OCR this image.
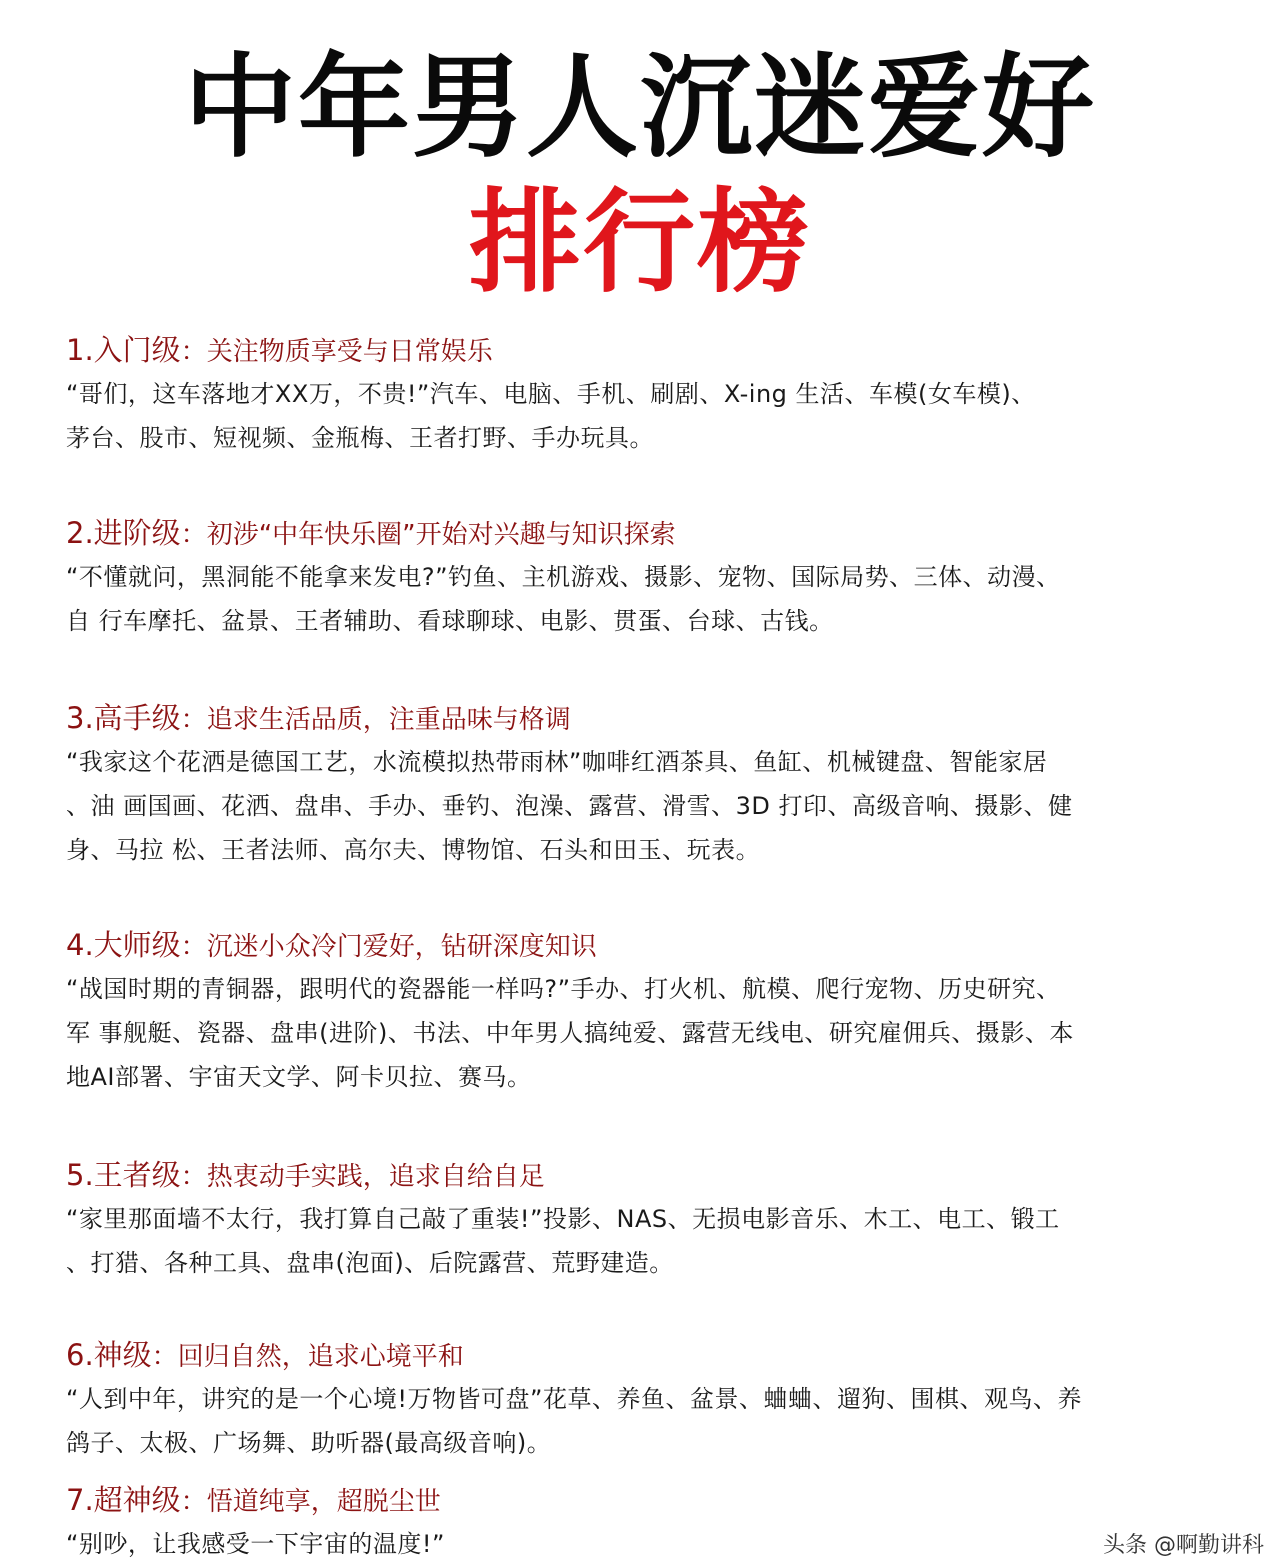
中年男人沉迷爱好
排行榜
1.入门级：关注物质享受与日常娱乐
“哥们，这车落地才XX万，不贵!”汽车、电脑、手机、刷剧、X-ing 生活、车模(女车模)、
茅台、股市、短视频、金瓶梅、王者打野、手办玩具。
2.进阶级：初涉“中年快乐圈”开始对兴趣与知识探索
“不懂就问，黑洞能不能拿来发电?”钓鱼、主机游戏、摄影、宠物、国际局势、三体、动漫、
自 行车摩托、盆景、王者辅助、看球聊球、电影、贯蛋、台球、古钱。
3.高手级：追求生活品质，注重品味与格调
“我家这个花洒是德国工艺，水流模拟热带雨林”咖啡红酒茶具、鱼缸、机械键盘、智能家居
、油 画国画、花洒、盘串、手办、垂钓、泡澡、露营、滑雪、3D 打印、高级音响、摄影、健
身、马拉 松、王者法师、高尔夫、博物馆、石头和田玉、玩表。
4.大师级：沉迷小众冷门爱好，钻研深度知识
“战国时期的青铜器，跟明代的瓷器能一样吗?”手办、打火机、航模、爬行宠物、历史研究、
军 事舰艇、瓷器、盘串(进阶)、书法、中年男人搞纯爱、露营无线电、研究雇佣兵、摄影、本
地AI部署、宇宙天文学、阿卡贝拉、赛马。
5.王者级：热衷动手实践，追求自给自足
“家里那面墙不太行，我打算自己敲了重装!”投影、NAS、无损电影音乐、木工、电工、锻工
、打猎、各种工具、盘串(泡面)、后院露营、荒野建造。
6.神级：回归自然，追求心境平和
“人到中年，讲究的是一个心境!万物皆可盘”花草、养鱼、盆景、蛐蛐、遛狗、围棋、观鸟、养
鸽子、太极、广场舞、助听器(最高级音响)。
7.超神级：悟道纯享，超脱尘世
“别吵，让我感受一下宇宙的温度!”	头条 @啊勤讲科
